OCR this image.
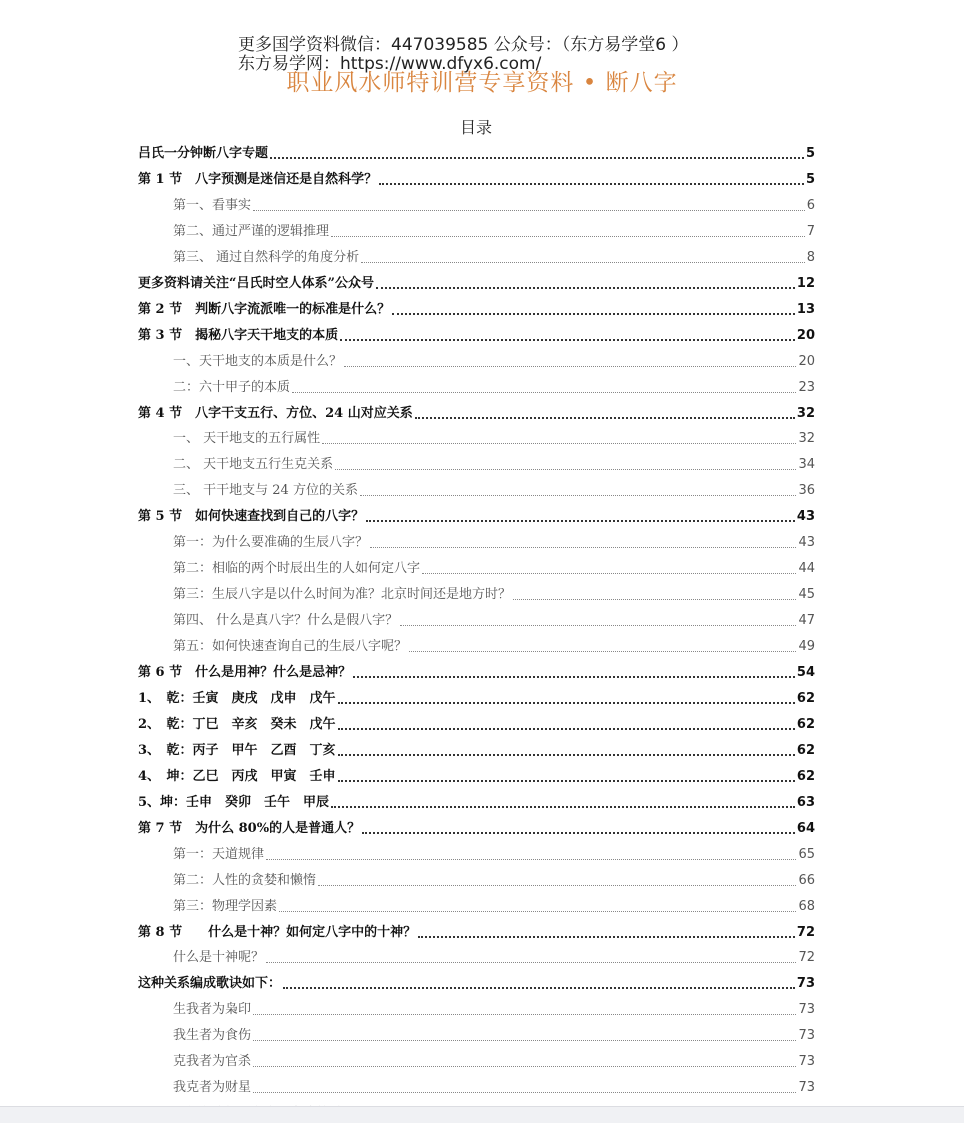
更多国学资料微信：447039585 公众号：（东方易学堂6 ）
东方易学网：https://www.dfyx6.com/
职业风水师特训营专享资料 • 断八字
目录
吕氏一分钟断八字专题	5
第 1 节　八字预测是迷信还是自然科学？	5
第一、看事实	6
第二、通过严谨的逻辑推理	7
第三、 通过自然科学的角度分析	8
更多资料请关注“吕氏时空人体系”公众号	12
第 2 节　判断八字流派唯一的标准是什么？	13
第 3 节　揭秘八字天干地支的本质	20
一、天干地支的本质是什么？	20
二：六十甲子的本质	23
第 4 节　八字干支五行、方位、24 山对应关系	32
一、 天干地支的五行属性	32
二、 天干地支五行生克关系	34
三、 干干地支与 24 方位的关系	36
第 5 节　如何快速查找到自己的八字？	43
第一：为什么要准确的生辰八字？	43
第二：相临的两个时辰出生的人如何定八字	44
第三：生辰八字是以什么时间为准？北京时间还是地方时？	45
第四、 什么是真八字？什么是假八字？	47
第五：如何快速查询自己的生辰八字呢？	49
第 6 节　什么是用神？什么是忌神？	54
1、　乾：壬寅　庚戌　戊申　戊午	62
2、　乾：丁巳　辛亥　癸未　戊午	62
3、　乾：丙子　甲午　乙酉　丁亥	62
4、　坤：乙巳　丙戌　甲寅　壬申	62
5、坤：壬申　癸卯　壬午　甲辰	63
第 7 节　为什么 80%的人是普通人？	64
第一：天道规律	65
第二：人性的贪婪和懒惰	66
第三：物理学因素	68
第 8 节　　什么是十神？如何定八字中的十神？	72
什么是十神呢？	72
这种关系编成歌诀如下：	73
生我者为枭印	73
我生者为食伤	73
克我者为官杀	73
我克者为财星	73
